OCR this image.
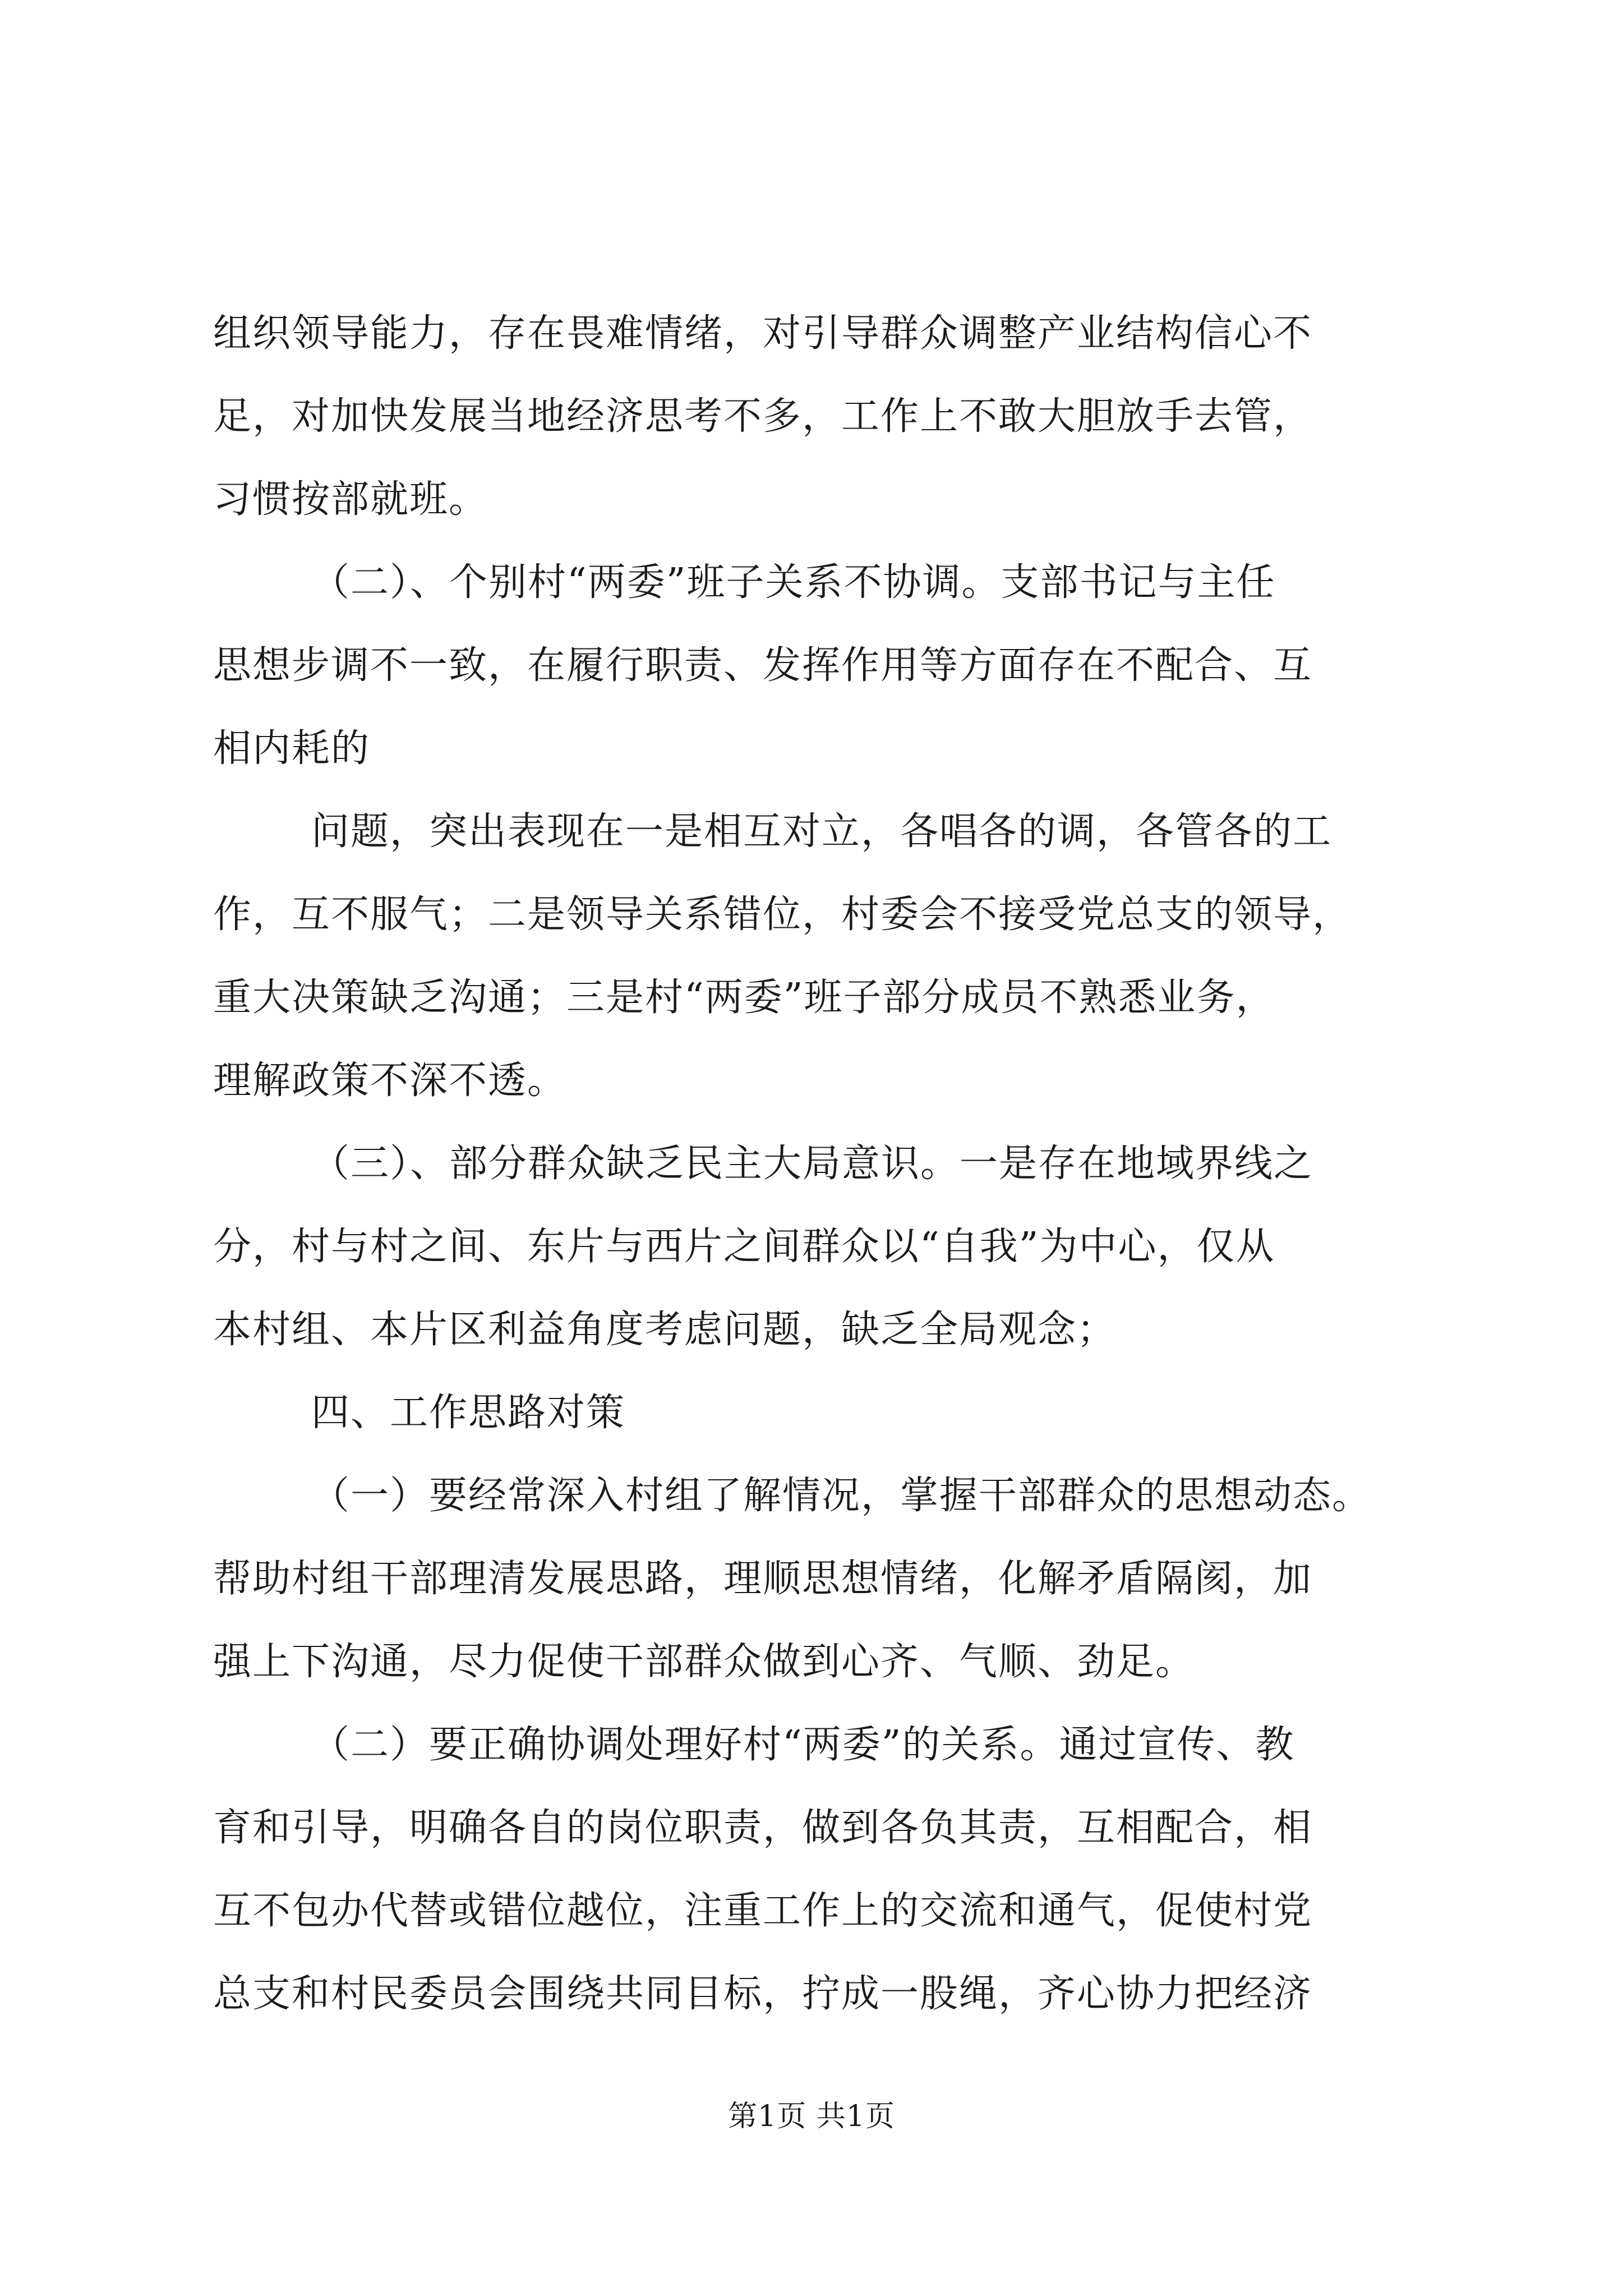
组织领导能力，存在畏难情绪，对引导群众调整产业结构信心不
足，对加快发展当地经济思考不多，工作上不敢大胆放手去管，
习惯按部就班。
（二）、个别村“两委”班子关系不协调。支部书记与主任
思想步调不一致，在履行职责、发挥作用等方面存在不配合、互
相内耗的
问题，突出表现在一是相互对立，各唱各的调，各管各的工
作，互不服气；二是领导关系错位，村委会不接受党总支的领导，
重大决策缺乏沟通；三是村“两委”班子部分成员不熟悉业务，
理解政策不深不透。
（三）、部分群众缺乏民主大局意识。一是存在地域界线之
分，村与村之间、东片与西片之间群众以“自我”为中心，仅从
本村组、本片区利益角度考虑问题，缺乏全局观念；
四、工作思路对策
（一）要经常深入村组了解情况，掌握干部群众的思想动态。
帮助村组干部理清发展思路，理顺思想情绪，化解矛盾隔阂，加
强上下沟通，尽力促使干部群众做到心齐、气顺、劲足。
（二）要正确协调处理好村“两委”的关系。通过宣传、教
育和引导，明确各自的岗位职责，做到各负其责，互相配合，相
互不包办代替或错位越位，注重工作上的交流和通气，促使村党
总支和村民委员会围绕共同目标，拧成一股绳，齐心协力把经济
第1页 共1页
